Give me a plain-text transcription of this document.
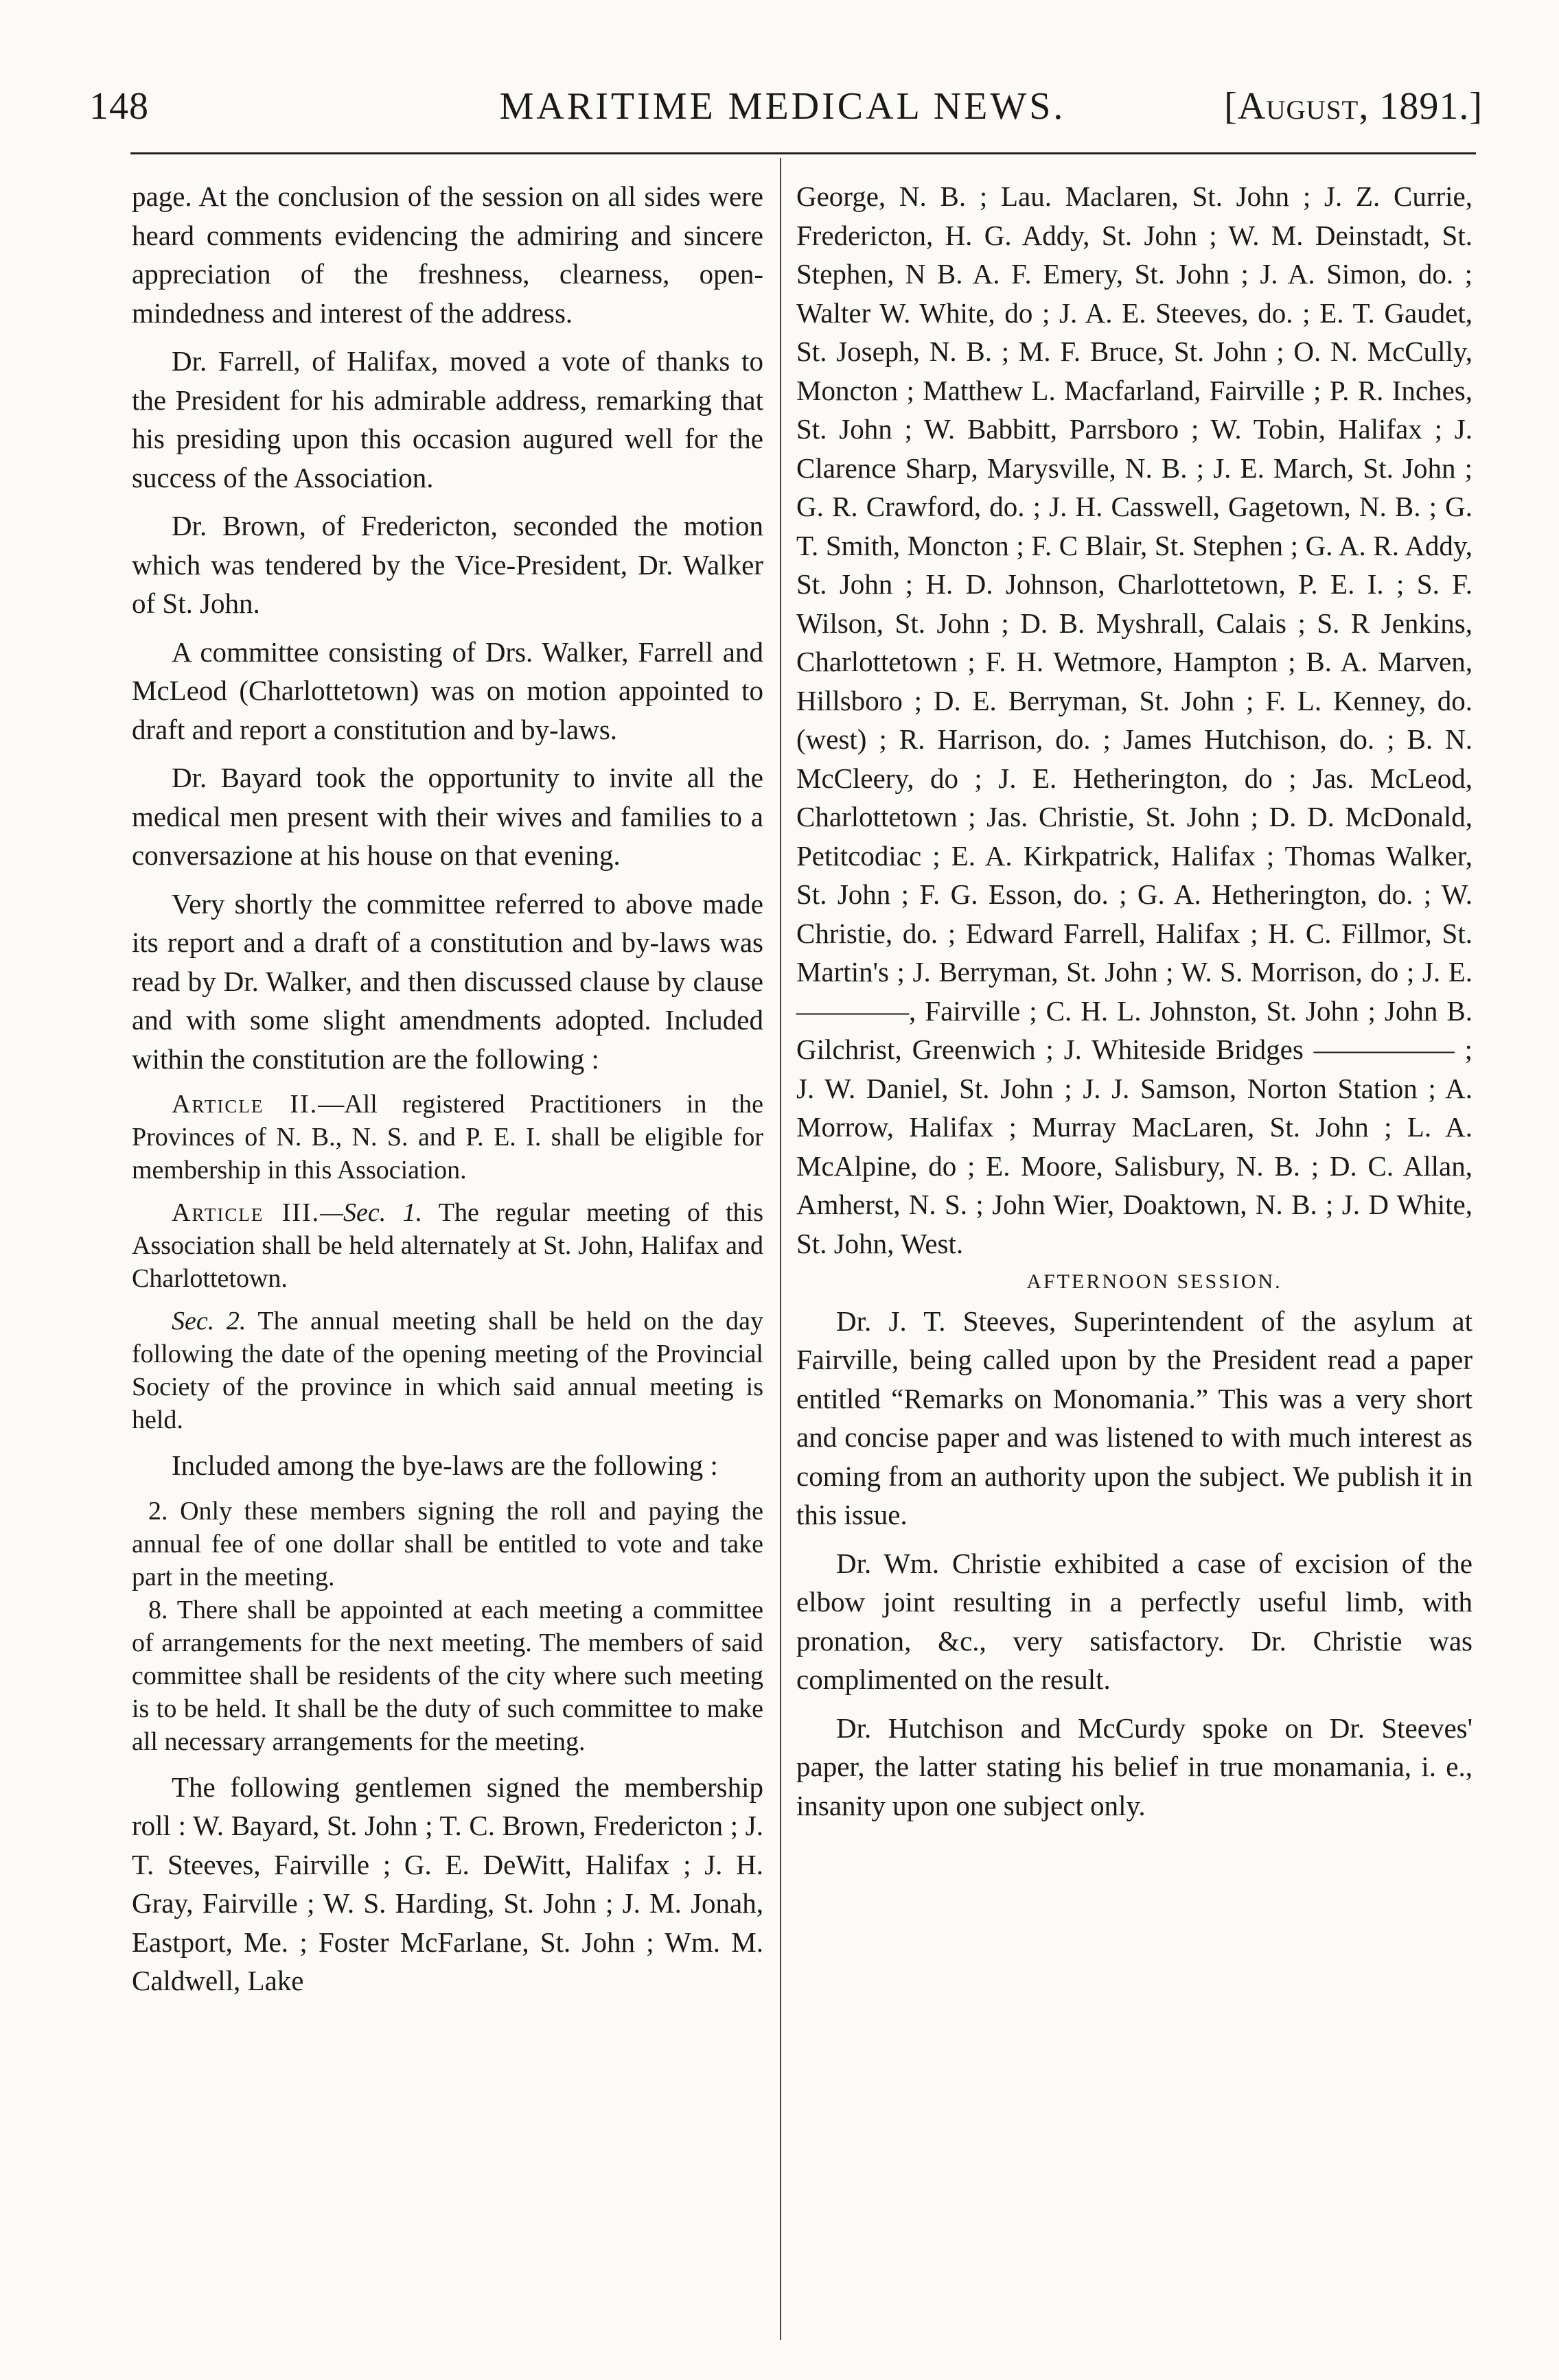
148	MARITIME MEDICAL NEWS.	[August, 1891.]

page. At the conclusion of the session on all sides were heard comments evidencing the admiring and sincere appreciation of the freshness, clearness, open-mindedness and interest of the address.

Dr. Farrell, of Halifax, moved a vote of thanks to the President for his admirable address, remarking that his presiding upon this occasion augured well for the success of the Association.

Dr. Brown, of Fredericton, seconded the motion which was tendered by the Vice-President, Dr. Walker of St. John.

A committee consisting of Drs. Walker, Farrell and McLeod (Charlottetown) was on motion appointed to draft and report a constitution and by-laws.

Dr. Bayard took the opportunity to invite all the medical men present with their wives and families to a conversazione at his house on that evening.

Very shortly the committee referred to above made its report and a draft of a constitution and by-laws was read by Dr. Walker, and then discussed clause by clause and with some slight amendments adopted. Included within the constitution are the following :

Article II.—All registered Practitioners in the Provinces of N. B., N. S. and P. E. I. shall be eligible for membership in this Association.

Article III.—Sec. 1. The regular meeting of this Association shall be held alternately at St. John, Halifax and Charlottetown.

Sec. 2. The annual meeting shall be held on the day following the date of the opening meeting of the Provincial Society of the province in which said annual meeting is held.

Included among the bye-laws are the following :

2. Only these members signing the roll and paying the annual fee of one dollar shall be entitled to vote and take part in the meeting.

8. There shall be appointed at each meeting a committee of arrangements for the next meeting. The members of said committee shall be residents of the city where such meeting is to be held. It shall be the duty of such committee to make all necessary arrangements for the meeting.

The following gentlemen signed the membership roll : W. Bayard, St. John ; T. C. Brown, Fredericton ; J. T. Steeves, Fairville ; G. E. DeWitt, Halifax ; J. H. Gray, Fairville ; W. S. Harding, St. John ; J. M. Jonah, Eastport, Me. ; Foster McFarlane, St. John ; Wm. M. Caldwell, Lake

George, N. B. ; Lau. Maclaren, St. John ; J. Z. Currie, Fredericton, H. G. Addy, St. John ; W. M. Deinstadt, St. Stephen, N B. A. F. Emery, St. John ; J. A. Simon, do. ; Walter W. White, do ; J. A. E. Steeves, do. ; E. T. Gaudet, St. Joseph, N. B. ; M. F. Bruce, St. John ; O. N. McCully, Moncton ; Matthew L. Macfarland, Fairville ; P. R. Inches, St. John ; W. Babbitt, Parrsboro ; W. Tobin, Halifax ; J. Clarence Sharp, Marysville, N. B. ; J. E. March, St. John ; G. R. Crawford, do. ; J. H. Casswell, Gagetown, N. B. ; G. T. Smith, Moncton ; F. C Blair, St. Stephen ; G. A. R. Addy, St. John ; H. D. Johnson, Charlottetown, P. E. I. ; S. F. Wilson, St. John ; D. B. Myshrall, Calais ; S. R Jenkins, Charlottetown ; F. H. Wetmore, Hampton ; B. A. Marven, Hillsboro ; D. E. Berryman, St. John ; F. L. Kenney, do. (west) ; R. Harrison, do. ; James Hutchison, do. ; B. N. McCleery, do ; J. E. Hetherington, do ; Jas. McLeod, Charlottetown ; Jas. Christie, St. John ; D. D. McDonald, Petitcodiac ; E. A. Kirkpatrick, Halifax ; Thomas Walker, St. John ; F. G. Esson, do. ; G. A. Hetherington, do. ; W. Christie, do. ; Edward Farrell, Halifax ; H. C. Fillmor, St. Martin's ; J. Berryman, St. John ; W. S. Morrison, do ; J. E. ————, Fairville ; C. H. L. Johnston, St. John ; John B. Gilchrist, Greenwich ; J. Whiteside Bridges ————— ; J. W. Daniel, St. John ; J. J. Samson, Norton Station ; A. Morrow, Halifax ; Murray MacLaren, St. John ; L. A. McAlpine, do ; E. Moore, Salisbury, N. B. ; D. C. Allan, Amherst, N. S. ; John Wier, Doaktown, N. B. ; J. D White, St. John, West.

AFTERNOON SESSION.

Dr. J. T. Steeves, Superintendent of the asylum at Fairville, being called upon by the President read a paper entitled “Remarks on Monomania.” This was a very short and concise paper and was listened to with much interest as coming from an authority upon the subject. We publish it in this issue.

Dr. Wm. Christie exhibited a case of excision of the elbow joint resulting in a perfectly useful limb, with pronation, &c., very satisfactory. Dr. Christie was complimented on the result.

Dr. Hutchison and McCurdy spoke on Dr. Steeves' paper, the latter stating his belief in true monamania, i. e., insanity upon one subject only.
